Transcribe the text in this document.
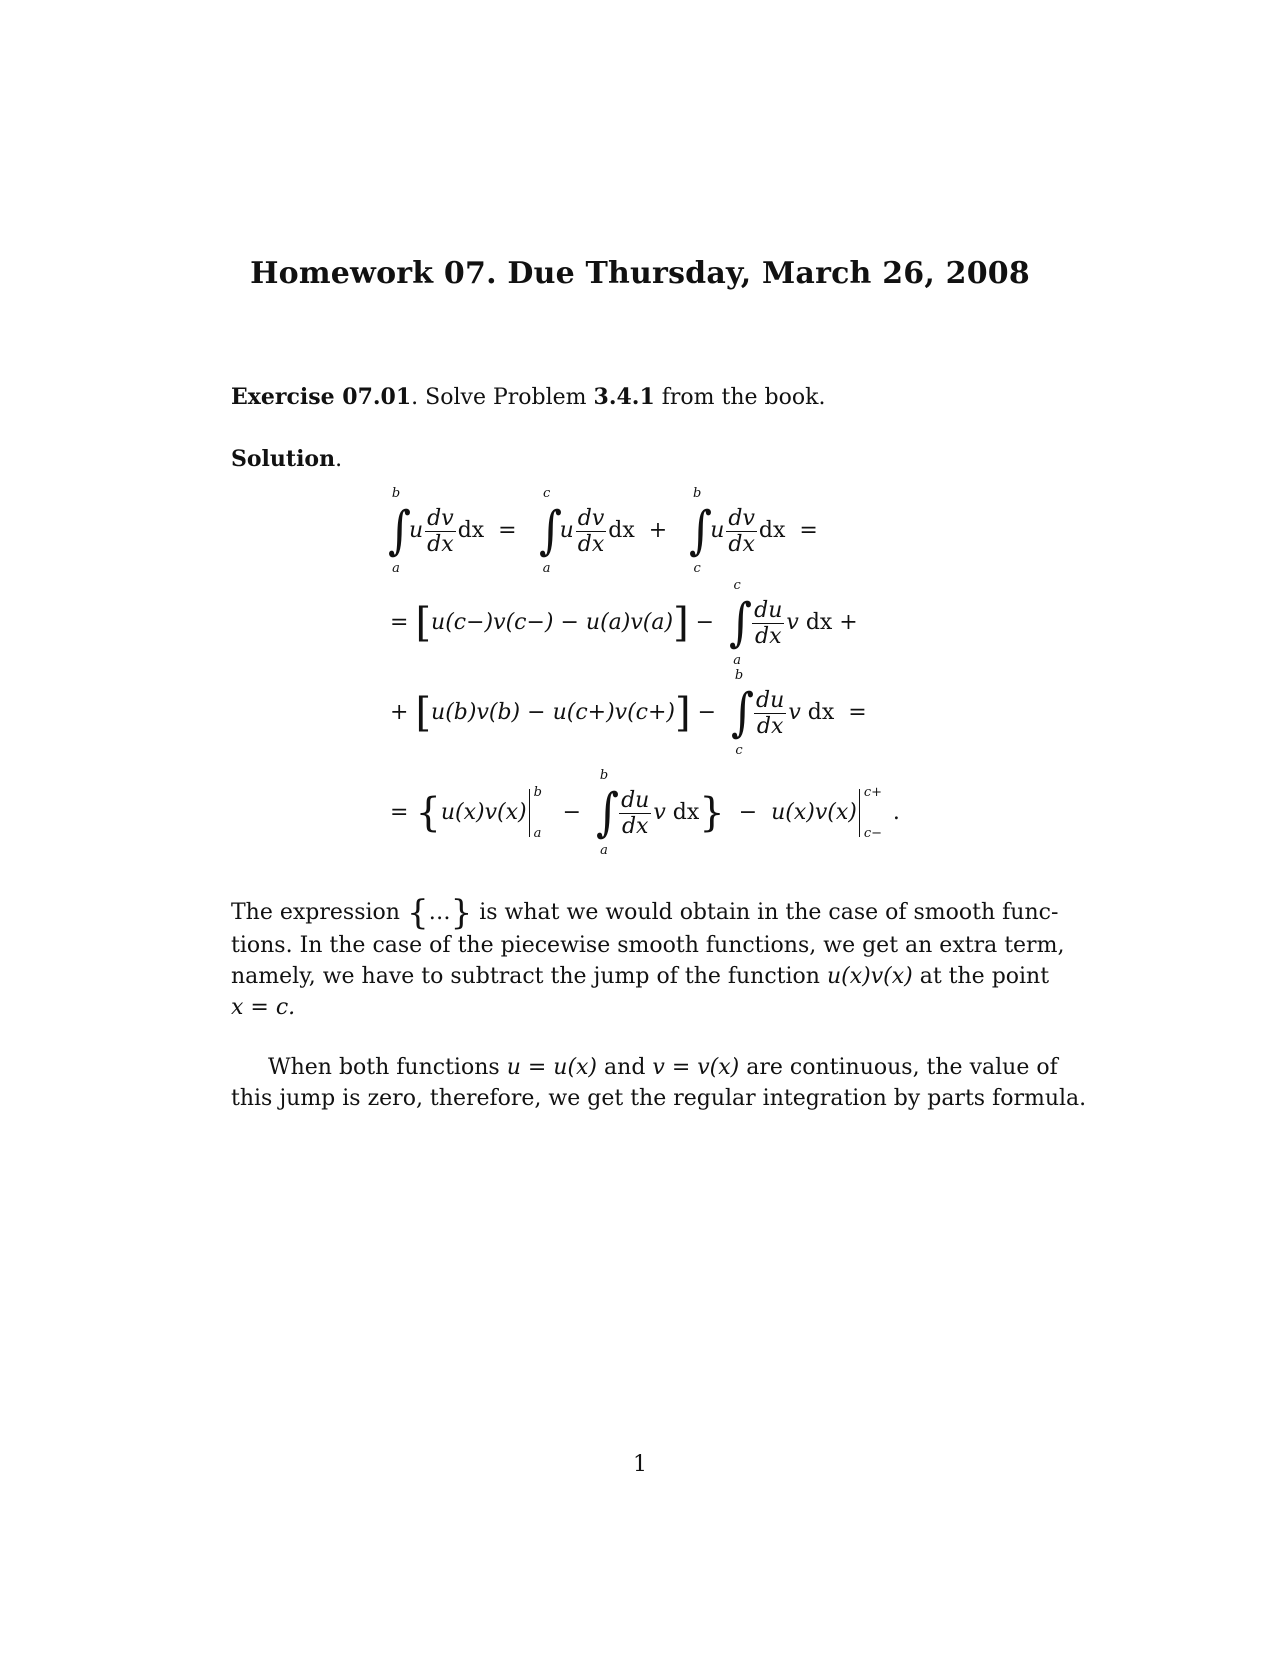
Homework 07. Due Thursday, March 26, 2008
Exercise 07.01. Solve Problem 3.4.1 from the book.
Solution.
b
∫
a
u $\frac{dv}{dx}$ dx  =
c
∫
a
u $\frac{dv}{dx}$ dx  +
b
∫
c
u $\frac{dv}{dx}$ dx  =
= [u(c−)v(c−) − u(a)v(a)] −
c
∫
a
$\frac{du}{dx}$ v dx +
+ [u(b)v(b) − u(c+)v(c+)] −
b
∫
c
$\frac{du}{dx}$ v dx  =
= {u(x)v(x)
b
a
−
b
∫
a
$\frac{du}{dx}$ v dx}  −  u(x)v(x)
c+
c−
.
The expression {…} is what we would obtain in the case of smooth func-
tions. In the case of the piecewise smooth functions, we get an extra term,
namely, we have to subtract the jump of the function u(x)v(x) at the point
x = c.
When both functions u = u(x) and v = v(x) are continuous, the value of
this jump is zero, therefore, we get the regular integration by parts formula.
1
